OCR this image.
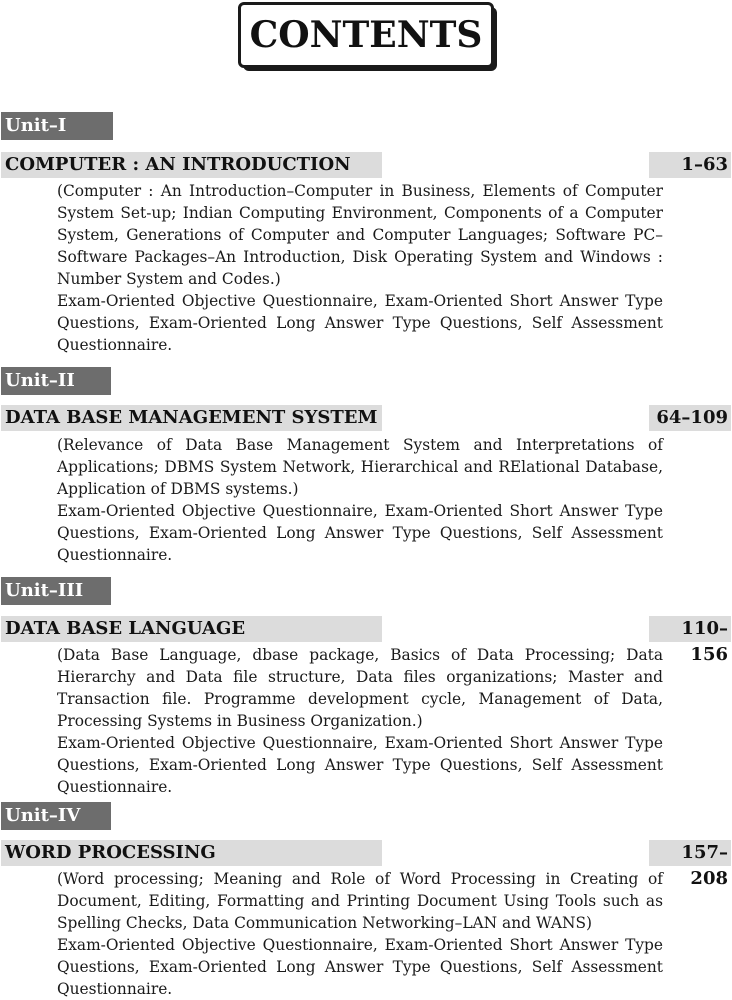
CONTENTS
Unit–I
COMPUTER : AN INTRODUCTION	1–63

(Computer : An Introduction–Computer in Business, Elements of Computer System Set-up; Indian Computing Environment, Components of a Computer System, Generations of Computer and Computer Languages; Software PC–Software Packages–An Introduction, Disk Operating System and Windows : Number System and Codes.)

Exam-Oriented Objective Questionnaire, Exam-Oriented Short Answer Type Questions, Exam-Oriented Long Answer Type Questions, Self Assessment Questionnaire.

Unit–II
DATA BASE MANAGEMENT SYSTEM	64–109

(Relevance of Data Base Management System and Interpretations of Applications; DBMS System Network, Hierarchical and RElational Database, Application of DBMS systems.)

Exam-Oriented Objective Questionnaire, Exam-Oriented Short Answer Type Questions, Exam-Oriented Long Answer Type Questions, Self Assessment Questionnaire.

Unit–III
DATA BASE LANGUAGE	110–156

(Data Base Language, dbase package, Basics of Data Processing; Data Hierarchy and Data file structure, Data files organizations; Master and Transaction file. Programme development cycle, Management of Data, Processing Systems in Business Organization.)

Exam-Oriented Objective Questionnaire, Exam-Oriented Short Answer Type Questions, Exam-Oriented Long Answer Type Questions, Self Assessment Questionnaire.

Unit–IV
WORD PROCESSING	157–208

(Word processing; Meaning and Role of Word Processing in Creating of Document, Editing, Formatting and Printing Document Using Tools such as Spelling Checks, Data Communication Networking–LAN and WANS)

Exam-Oriented Objective Questionnaire, Exam-Oriented Short Answer Type Questions, Exam-Oriented Long Answer Type Questions, Self Assessment Questionnaire.
